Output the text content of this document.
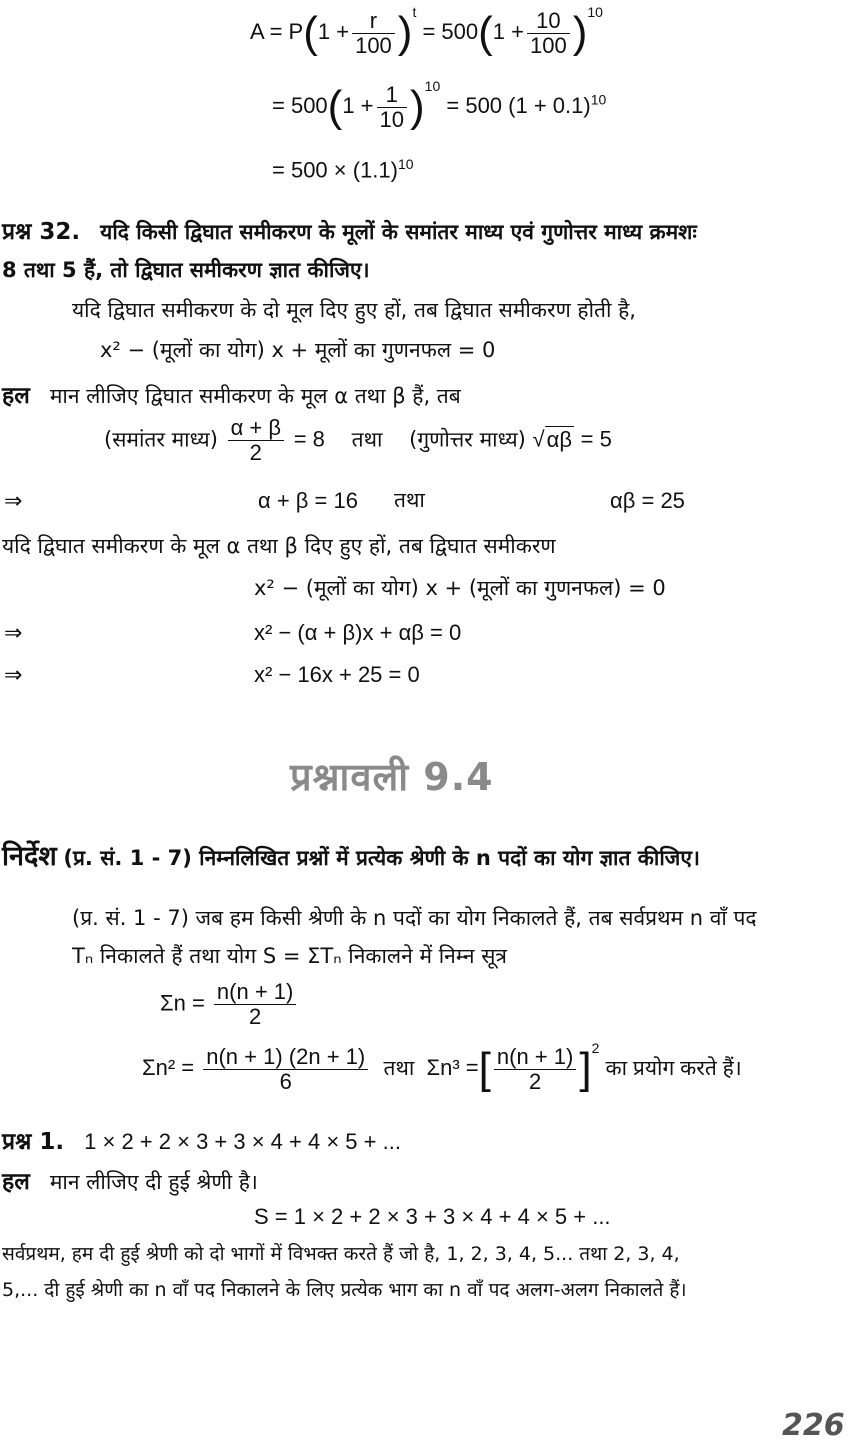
$A = P(1 + \frac{r}{100} )^t = 500(1 + \frac{10}{100} )^{10}$
= $500(1 + \frac{1}{10} )^{10} = 500$ $(1 + 0.1)^{10}$
= $500 \times (1.1)^{10}$
प्रश्न 32. यदि किसी द्विघात समीकरण के मूलों के समांतर माध्य एवं गुणोत्तर माध्य क्रमशः
8 तथा 5 हैं, तो द्विघात समीकरण ज्ञात कीजिए।
यदि द्विघात समीकरण के दो मूल दिए हुए हों, तब द्विघात समीकरण होती है,
x² − (मूलों का योग) x + मूलों का गुणनफल = 0
हल मान लीजिए द्विघात समीकरण के मूल α तथा β हैं, तब
(समांतर माध्य) $\frac{\alpha + \beta}{2} = 8$ तथा (गुणोत्तर माध्य) √αβ = 5
⇒	α + β = 16 तथा	αβ = 25
यदि द्विघात समीकरण के मूल α तथा β दिए हुए हों, तब द्विघात समीकरण
x² − (मूलों का योग) x + (मूलों का गुणनफल) = 0
⇒	x² − (α + β)x + αβ = 0
⇒	x² − 16x + 25 = 0
प्रश्नावली 9.4
निर्देश (प्र. सं. 1 - 7) निम्नलिखित प्रश्नों में प्रत्येक श्रेणी के n पदों का योग ज्ञात कीजिए।
(प्र. सं. 1 - 7) जब हम किसी श्रेणी के n पदों का योग निकालते हैं, तब सर्वप्रथम n वाँ पद
Tₙ निकालते हैं तथा योग S = ΣTₙ निकालने में निम्न सूत्र
$\Sigma n = \frac{n(n + 1)}{2}$
$\Sigma n^2 = \frac{n(n + 1) (2n + 1)}{6}$ तथा Σn³ =[ $\frac{n(n + 1)}{2} ]^2$ का प्रयोग करते हैं।
प्रश्न 1. 1 × 2 + 2 × 3 + 3 × 4 + 4 × 5 + ...
हल मान लीजिए दी हुई श्रेणी है।
S = 1 × 2 + 2 × 3 + 3 × 4 + 4 × 5 + ...
सर्वप्रथम, हम दी हुई श्रेणी को दो भागों में विभक्त करते हैं जो है, 1, 2, 3, 4, 5... तथा 2, 3, 4,
5,... दी हुई श्रेणी का n वाँ पद निकालने के लिए प्रत्येक भाग का n वाँ पद अलग-अलग निकालते हैं।
226
